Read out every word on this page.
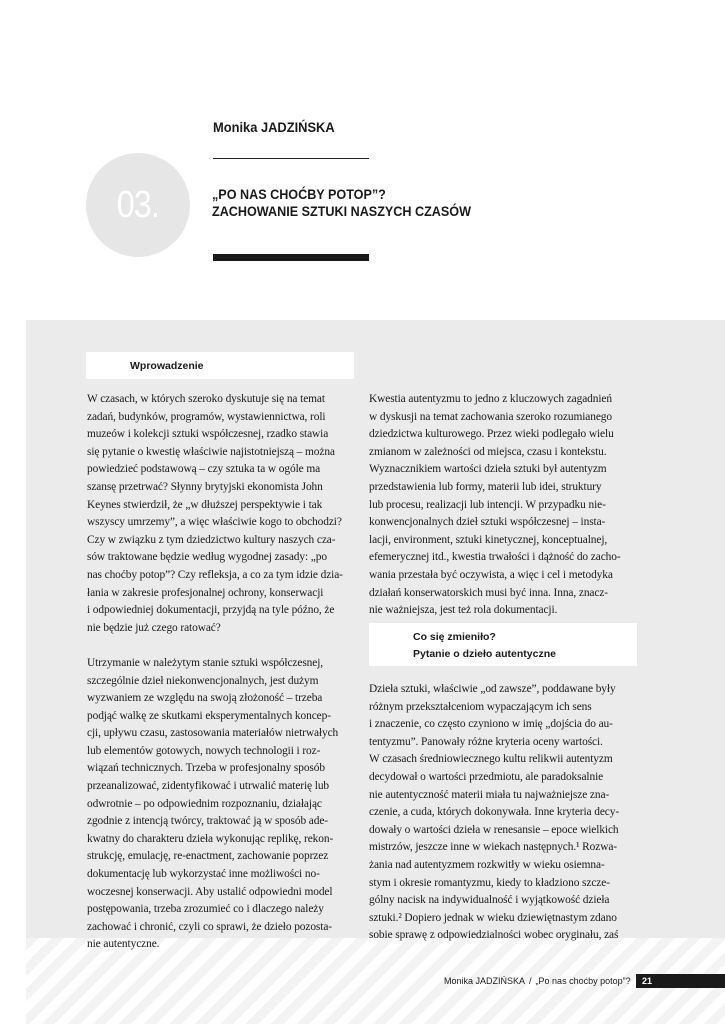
Monika JADZIŃSKA
03.	„PO NAS CHOĆBY POTOP”?
ZACHOWANIE SZTUKI NASZYCH CZASÓW
Wprowadzenie
W czasach, w których szeroko dyskutuje się na temat
zadań, budynków, programów, wystawiennictwa, roli
muzeów i kolekcji sztuki współczesnej, rzadko stawia
się pytanie o kwestię właściwie najistotniejszą – można
powiedzieć podstawową – czy sztuka ta w ogóle ma
szansę przetrwać? Słynny brytyjski ekonomista John
Keynes stwierdził, że „w dłuższej perspektywie i tak
wszyscy umrzemy”, a więc właściwie kogo to obchodzi?
Czy w związku z tym dziedzictwo kultury naszych cza-
sów traktowane będzie według wygodnej zasady: „po
nas choćby potop”? Czy refleksja, a co za tym idzie dzia-
łania w zakresie profesjonalnej ochrony, konserwacji
i odpowiedniej dokumentacji, przyjdą na tyle późno, że
nie będzie już czego ratować?
Utrzymanie w należytym stanie sztuki współczesnej,
szczególnie dzieł niekonwencjonalnych, jest dużym
wyzwaniem ze względu na swoją złożoność – trzeba
podjąć walkę ze skutkami eksperymentalnych koncep-
cji, upływu czasu, zastosowania materiałów nietrwałych
lub elementów gotowych, nowych technologii i roz-
wiązań technicznych. Trzeba w profesjonalny sposób
przeanalizować, zidentyfikować i utrwalić materię lub
odwrotnie – po odpowiednim rozpoznaniu, działając
zgodnie z intencją twórcy, traktować ją w sposób ade-
kwatny do charakteru dzieła wykonując replikę, rekon-
strukcję, emulację, re-enactment, zachowanie poprzez
dokumentację lub wykorzystać inne możliwości no-
woczesnej konserwacji. Aby ustalić odpowiedni model
postępowania, trzeba zrozumieć co i dlaczego należy
zachować i chronić, czyli co sprawi, że dzieło pozosta-
nie autentyczne.
Kwestia autentyzmu to jedno z kluczowych zagadnień
w dyskusji na temat zachowania szeroko rozumianego
dziedzictwa kulturowego. Przez wieki podlegało wielu
zmianom w zależności od miejsca, czasu i kontekstu.
Wyznacznikiem wartości dzieła sztuki był autentyzm
przedstawienia lub formy, materii lub idei, struktury
lub procesu, realizacji lub intencji. W przypadku nie-
konwencjonalnych dzieł sztuki współczesnej – insta-
lacji, environment, sztuki kinetycznej, konceptualnej,
efemerycznej itd., kwestia trwałości i dążność do zacho-
wania przestała być oczywista, a więc i cel i metodyka
działań konserwatorskich musi być inna. Inna, znacz-
nie ważniejsza, jest też rola dokumentacji.
Co się zmieniło?
Pytanie o dzieło autentyczne
Dzieła sztuki, właściwie „od zawsze”, poddawane były
różnym przekształceniom wypaczającym ich sens
i znaczenie, co często czyniono w imię „dojścia do au-
tentyzmu”. Panowały różne kryteria oceny wartości.
W czasach średniowiecznego kultu relikwii autentyzm
decydował o wartości przedmiotu, ale paradoksalnie
nie autentyczność materii miała tu najważniejsze zna-
czenie, a cuda, których dokonywała. Inne kryteria decy-
dowały o wartości dzieła w renesansie – epoce wielkich
mistrzów, jeszcze inne w wiekach następnych.¹ Rozwa-
żania nad autentyzmem rozkwitły w wieku osiemna-
stym i okresie romantyzmu, kiedy to kładziono szcze-
gólny nacisk na indywidualność i wyjątkowość dzieła
sztuki.² Dopiero jednak w wieku dziewiętnastym zdano
sobie sprawę z odpowiedzialności wobec oryginału, zaś
Monika JADZIŃSKA / „Po nas choćby potop”? 21
